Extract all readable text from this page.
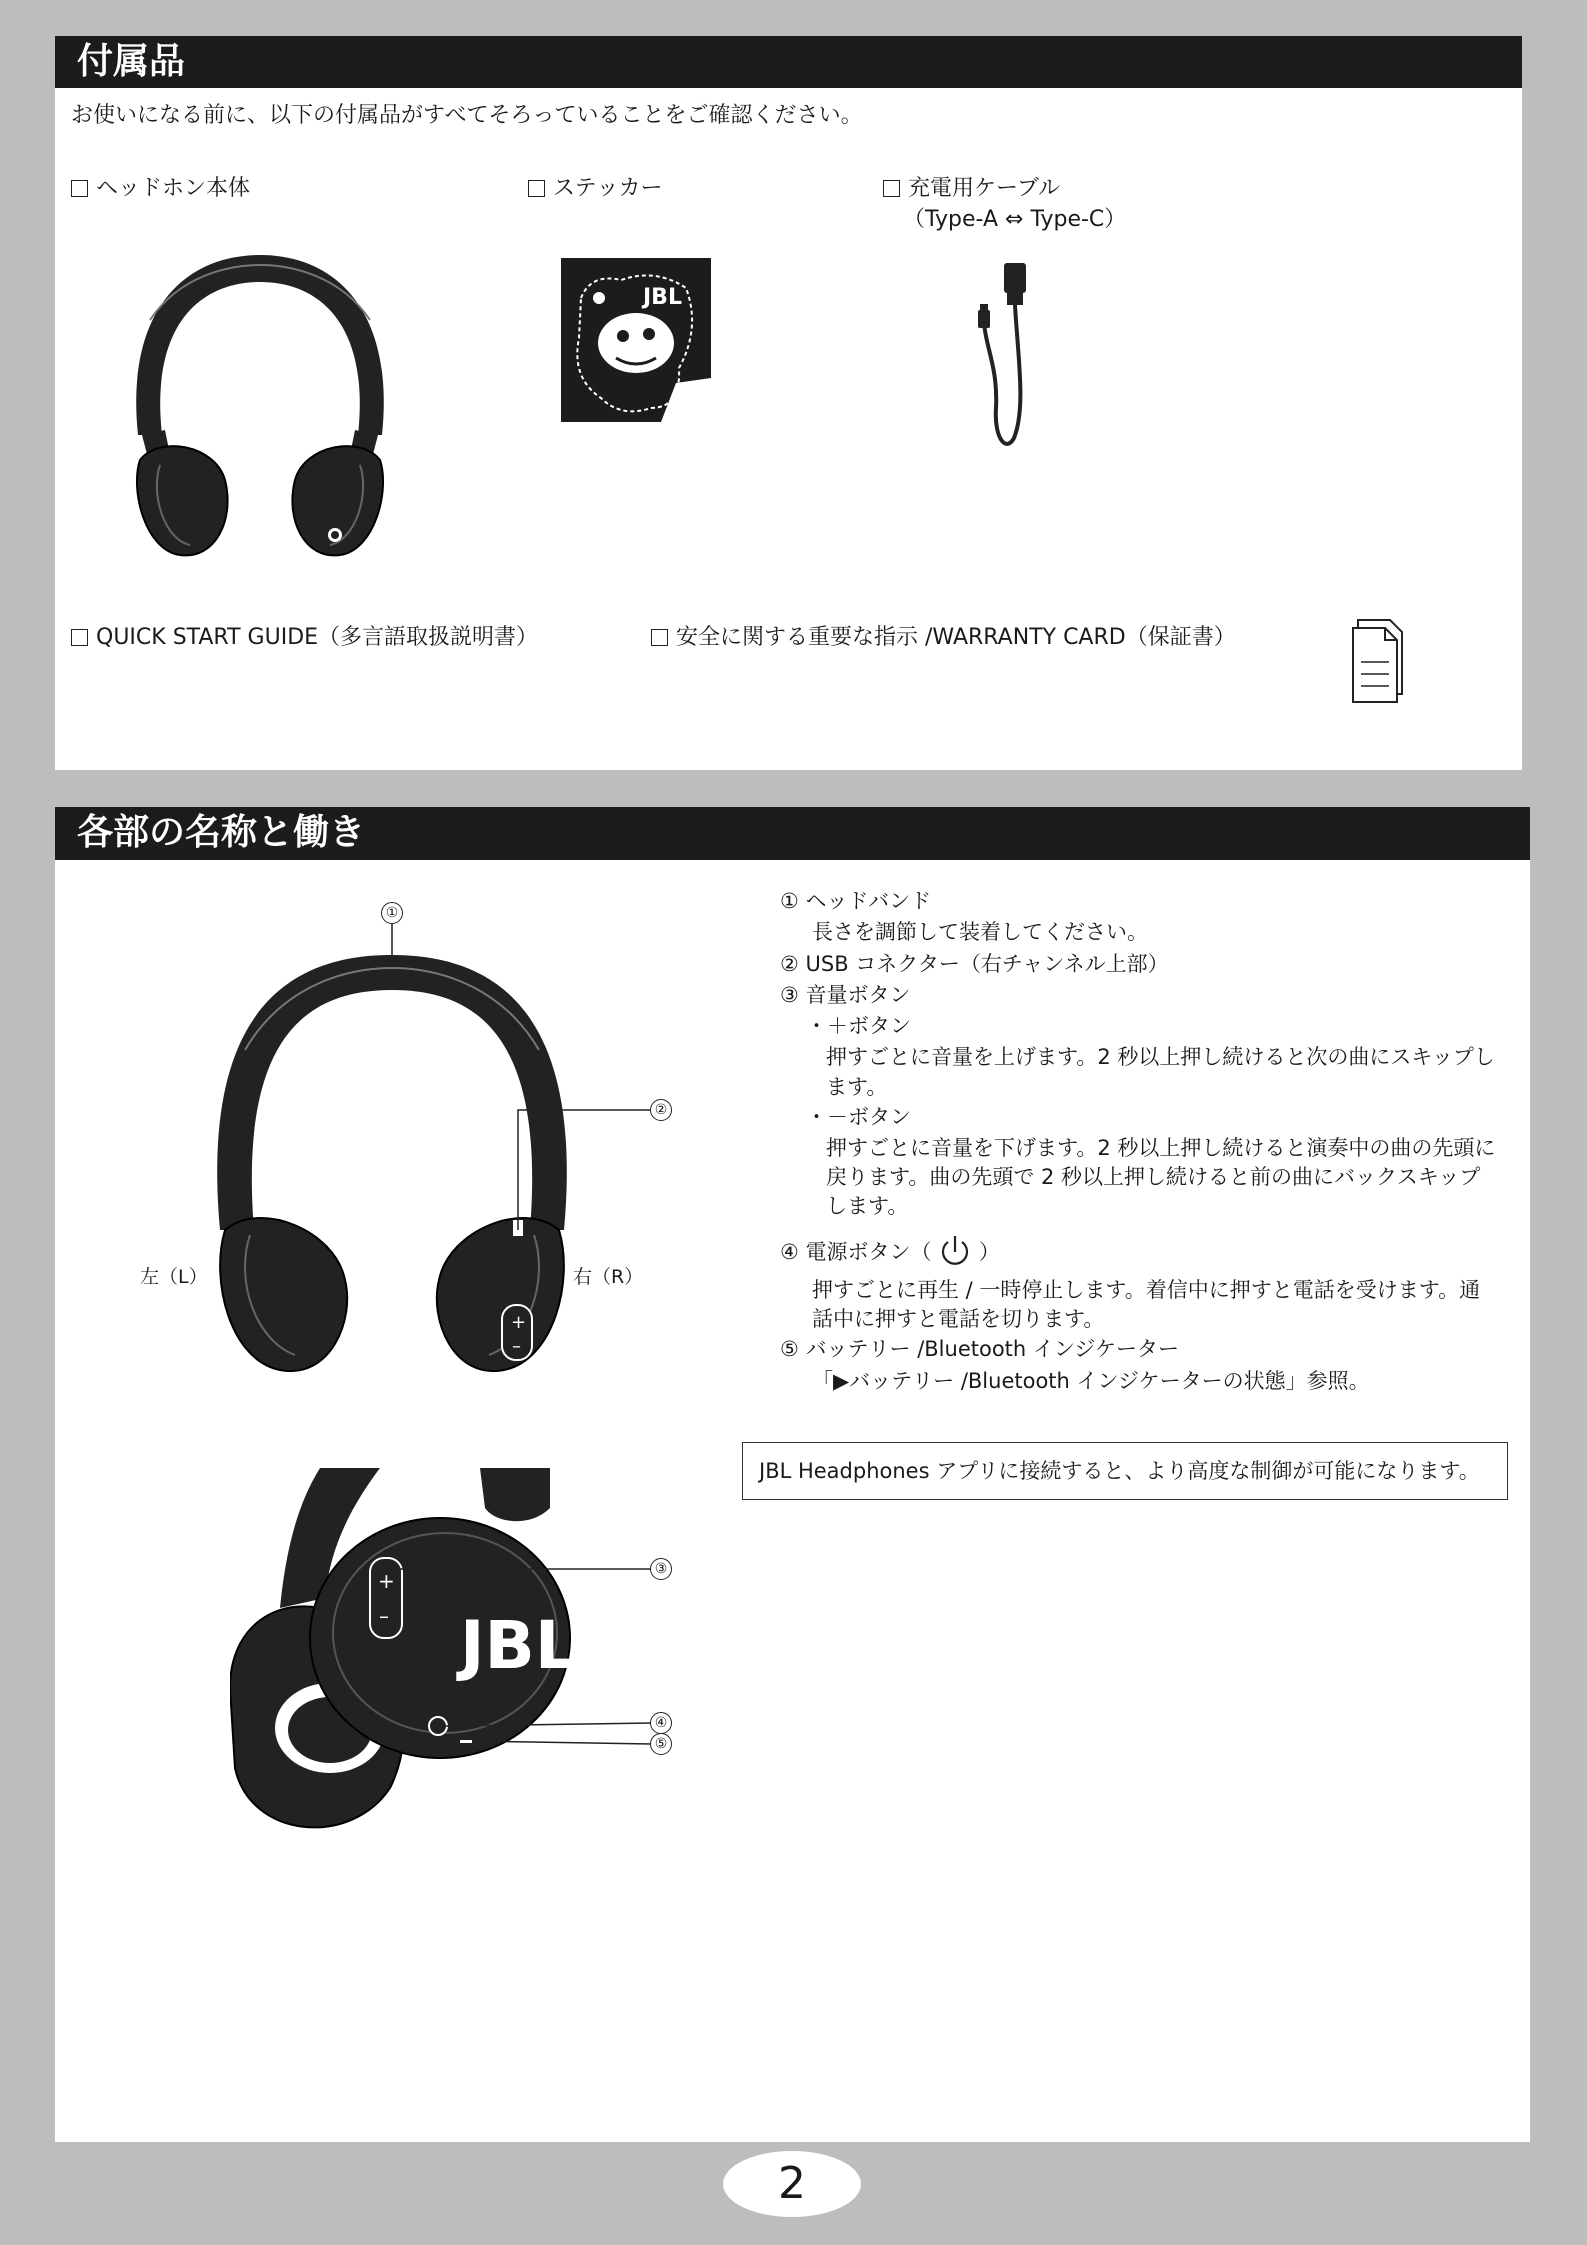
付属品
お使いになる前に、以下の付属品がすべてそろっていることをご確認ください。
ヘッドホン本体	ステッカー	充電用ケーブル
（Type-A ⇔ Type-C）
JBL
QUICK START GUIDE（多言語取扱説明書）	安全に関する重要な指示 /WARRANTY CARD（保証書）
各部の名称と働き
+
–
①
②
左（L）	右（R）
JBL
+
–
③
④
⑤
① ヘッドバンド
長さを調節して装着してください。
② USB コネクター（右チャンネル上部）
③ 音量ボタン
・＋ボタン
押すごとに音量を上げます。2 秒以上押し続けると次の曲にスキップし
ます。
・－ボタン
押すごとに音量を下げます。2 秒以上押し続けると演奏中の曲の先頭に
戻ります。曲の先頭で 2 秒以上押し続けると前の曲にバックスキップ
します。
④ 電源ボタン（ ）
押すごとに再生 / 一時停止します。着信中に押すと電話を受けます。通
話中に押すと電話を切ります。
⑤ バッテリー /Bluetooth インジケーター
「▶バッテリー /Bluetooth インジケーターの状態」参照。
JBL Headphones アプリに接続すると、より高度な制御が可能になります。
2
